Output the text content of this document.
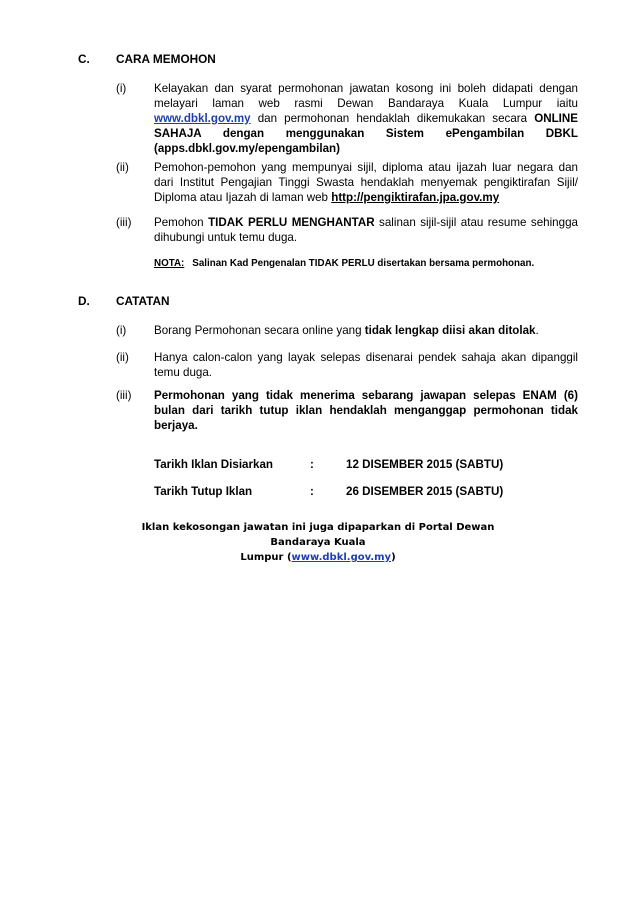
C. CARA MEMOHON
(i)	Kelayakan dan syarat permohonan jawatan kosong ini boleh didapati dengan melayari laman web rasmi Dewan Bandaraya Kuala Lumpur iaitu www.dbkl.gov.my dan permohonan hendaklah dikemukakan secara ONLINE SAHAJA dengan menggunakan Sistem ePengambilan DBKL (apps.dbkl.gov.my/epengambilan)
(ii)	Pemohon-pemohon yang mempunyai sijil, diploma atau ijazah luar negara dan dari Institut Pengajian Tinggi Swasta hendaklah menyemak pengiktirafan Sijil/ Diploma atau Ijazah di laman web http://pengiktirafan.jpa.gov.my
(iii)	Pemohon TIDAK PERLU MENGHANTAR salinan sijil-sijil atau resume sehingga dihubungi untuk temu duga.
NOTA: Salinan Kad Pengenalan TIDAK PERLU disertakan bersama permohonan.
D. CATATAN
(i)	Borang Permohonan secara online yang tidak lengkap diisi akan ditolak.
(ii)	Hanya calon-calon yang layak selepas disenarai pendek sahaja akan dipanggil temu duga.
(iii)	Permohonan yang tidak menerima sebarang jawapan selepas ENAM (6) bulan dari tarikh tutup iklan hendaklah menganggap permohonan tidak berjaya.
Tarikh Iklan Disiarkan	:	12 DISEMBER 2015 (SABTU)
Tarikh Tutup Iklan	:	26 DISEMBER 2015 (SABTU)
Iklan kekosongan jawatan ini juga dipaparkan di Portal Dewan Bandaraya Kuala
Lumpur (www.dbkl.gov.my)
